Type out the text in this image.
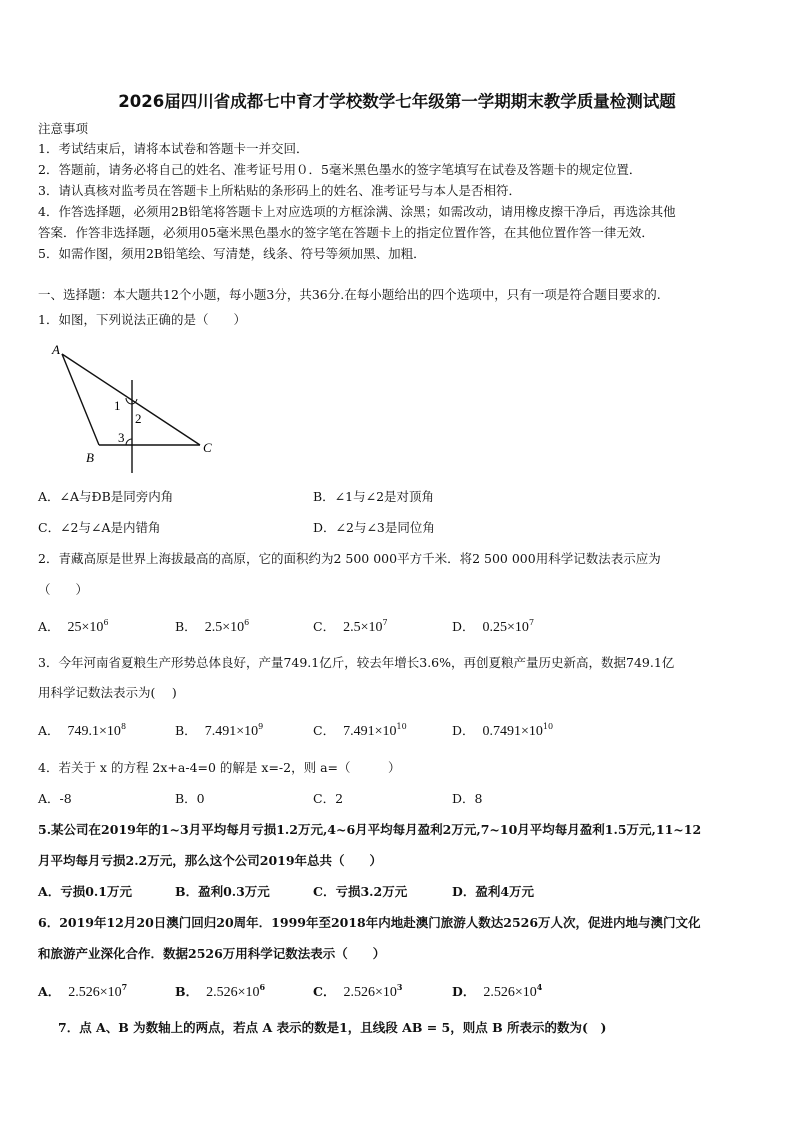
2026届四川省成都七中育才学校数学七年级第一学期期末教学质量检测试题
注意事项
1．考试结束后，请将本试卷和答题卡一并交回．
2．答题前，请务必将自己的姓名、准考证号用０．5毫米黑色墨水的签字笔填写在试卷及答题卡的规定位置．
3．请认真核对监考员在答题卡上所粘贴的条形码上的姓名、准考证号与本人是否相符．
4．作答选择题，必须用2B铅笔将答题卡上对应选项的方框涂满、涂黑；如需改动，请用橡皮擦干净后，再选涂其他
答案．作答非选择题，必须用05毫米黑色墨水的签字笔在答题卡上的指定位置作答，在其他位置作答一律无效．
5．如需作图，须用2B铅笔绘、写清楚，线条、符号等须加黑、加粗．
一、选择题：本大题共12个小题，每小题3分，共36分.在每小题给出的四个选项中，只有一项是符合题目要求的.
1．如图，下列说法正确的是（　　）
A
B
C
1
2
3
A．∠A与ÐB是同旁内角	B．∠1与∠2是对顶角
C．∠2与∠A是内错角	D．∠2与∠3是同位角
2．青藏高原是世界上海拔最高的高原，它的面积约为2 500 000平方千米．将2 500 000用科学记数法表示应为
（　　）
A． $25\times 10^6$	B． $2.5\times 10^6$	C． $2.5\times 10^7$	D． $0.25\times 10^7$
3．今年河南省夏粮生产形势总体良好，产量749.1亿斤，较去年增长3.6%，再创夏粮产量历史新高，数据749.1亿
用科学记数法表示为(　 )
A． $749.1\times 10^8$	B． $7.491\times 10^9$	C． $7.491\times 10^{10}$	D． $0.7491\times 10^{10}$
4．若关于 x 的方程 2x+a-4=0 的解是 x=-2，则 a=（　　　）
A．-8	B．0	C．2	D．8
5.某公司在2019年的1~3月平均每月亏损1.2万元,4~6月平均每月盈利2万元,7~10月平均每月盈利1.5万元,11~12
月平均每月亏损2.2万元，那么这个公司2019年总共（　　）
A．亏损0.1万元	B．盈利0.3万元	C．亏损3.2万元	D．盈利4万元
6．2019年12月20日澳门回归20周年．1999年至2018年内地赴澳门旅游人数达2526万人次，促进内地与澳门文化
和旅游产业深化合作．数据2526万用科学记数法表示（　　）
A． $2.526\times 10^7$	B． $2.526\times 10^6$	C． $2.526\times 10^3$	D． $2.526\times 10^4$
7．点 A、B 为数轴上的两点，若点 A 表示的数是1，且线段 AB = 5，则点 B 所表示的数为(　)
